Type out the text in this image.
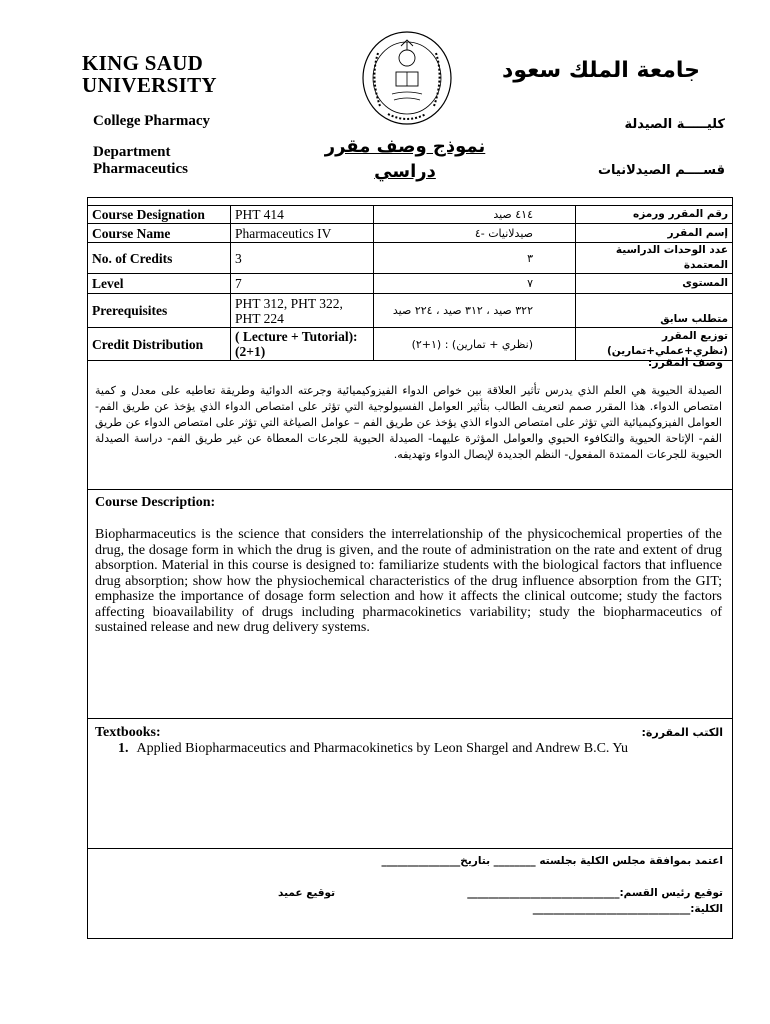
KING SAUD UNIVERSITY
College Pharmacy
Department
Pharmaceutics
جامعة الملك سعود
كليـــــة الصيدلة
قســــم الصيدلانيات
نموذج وصف مقرر
دراسي
Course Designation	PHT 414	٤١٤ صيد	رقم المقرر ورمزه
Course Name	Pharmaceutics IV	صيدلانيات -٤	إسم المقرر
No. of Credits	3	٣	عدد الوحدات الدراسية المعتمدة
Level	7	٧	المستوى
Prerequisites	PHT 312, PHT 322, PHT 224	٣٢٢ صيد ، ٣١٢ صيد ، ٢٢٤ صيد	متطلب سابق
Credit Distribution	( Lecture + Tutorial): (2+1)	(نظري + تمارين) : (١+٢)	توزيع المقرر (نظري+عملي+تمارين)
وصف المقرر:
الصيدلة الحيوية هي العلم الذي يدرس تأثير العلاقة بين خواص الدواء الفيزوكيميائية وجرعته الدوائية وطريقة تعاطيه على معدل و كمية امتصاص الدواء. هذا المقرر صمم لتعريف الطالب بتأثير العوامل الفسيولوجية التي تؤثر على امتصاص الدواء الذي يؤخذ عن طريق الفم- العوامل الفيزوكيميائية التي تؤثر على امتصاص الدواء الذي يؤخذ عن طريق الفم – عوامل الصياغة التي تؤثر على امتصاص الدواء عن طريق الفم- الإتاحة الحيوية والتكافوء الحيوي والعوامل المؤثرة عليهما- الصيدلة الحيوية للجرعات المعطاة عن غير طريق الفم- دراسة الصيدلة الحيوية للجرعات الممتدة المفعول- النظم الجديدة لإيصال الدواء وتهديفه.
Course Description:
Biopharmaceutics is the science that considers the interrelationship of the physicochemical properties of the drug, the dosage form in which the drug is given, and the route of administration on the rate and extent of drug absorption. Material in this course is designed to: familiarize students with the biological factors that influence drug absorption; show how the physiochemical characteristics of the drug influence absorption from the GIT; emphasize the importance of dosage form selection and how it affects the clinical outcome; study the factors affecting bioavailability of drugs including pharmacokinetics variability; study the biopharmaceutics of sustained release and new drug delivery systems.
Textbooks:	الكتب المقررة:
1. Applied Biopharmaceutics and Pharmacokinetics by Leon Shargel and Andrew B.C. Yu
اعتمد بموافقة مجلس الكلية بجلسته ________ بتاريخ_______________
توقيع رئيس القسم:_____________________________
الكلية:______________________________
توقيع عميد
